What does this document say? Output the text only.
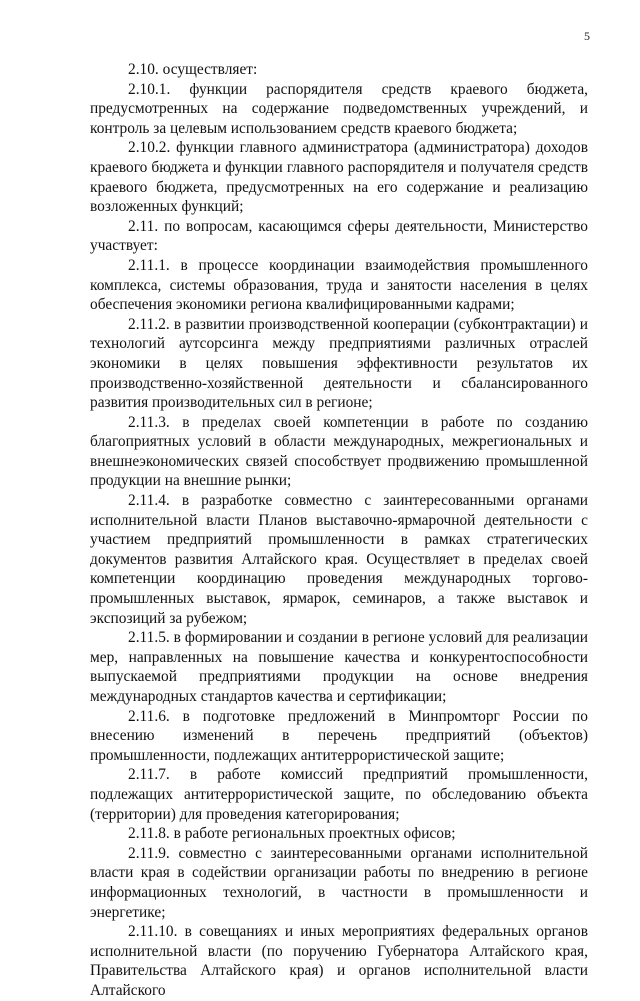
5

2.10. осуществляет:

2.10.1. функции распорядителя средств краевого бюджета, предусмотренных на содержание подведомственных учреждений, и контроль за целевым использованием средств краевого бюджета;

2.10.2. функции главного администратора (администратора) доходов краевого бюджета и функции главного распорядителя и получателя средств краевого бюджета, предусмотренных на его содержание и реализацию возложенных функций;

2.11. по вопросам, касающимся сферы деятельности, Министерство участвует:

2.11.1. в процессе координации взаимодействия промышленного комплекса, системы образования, труда и занятости населения в целях обеспечения экономики региона квалифицированными кадрами;

2.11.2. в развитии производственной кооперации (субконтрактации) и технологий аутсорсинга между предприятиями различных отраслей экономики в целях повышения эффективности результатов их производственно-хозяйственной деятельности и сбалансированного развития производительных сил в регионе;

2.11.3. в пределах своей компетенции в работе по созданию благоприятных условий в области международных, межрегиональных и внешнеэкономических связей способствует продвижению промышленной продукции на внешние рынки;

2.11.4. в разработке совместно с заинтересованными органами исполнительной власти Планов выставочно-ярмарочной деятельности с участием предприятий промышленности в рамках стратегических документов развития Алтайского края. Осуществляет в пределах своей компетенции координацию проведения международных торгово-промышленных выставок, ярмарок, семинаров, а также выставок и экспозиций за рубежом;

2.11.5. в формировании и создании в регионе условий для реализации мер, направленных на повышение качества и конкурентоспособности выпускаемой предприятиями продукции на основе внедрения международных стандартов качества и сертификации;

2.11.6. в подготовке предложений в Минпромторг России по внесению изменений в перечень предприятий (объектов) промышленности, подлежащих антитеррористической защите;

2.11.7. в работе комиссий предприятий промышленности, подлежащих антитеррористической защите, по обследованию объекта (территории) для проведения категорирования;

2.11.8. в работе региональных проектных офисов;

2.11.9. совместно с заинтересованными органами исполнительной власти края в содействии организации работы по внедрению в регионе информационных технологий, в частности в промышленности и энергетике;

2.11.10. в совещаниях и иных мероприятиях федеральных органов исполнительной власти (по поручению Губернатора Алтайского края, Правительства Алтайского края) и органов исполнительной власти Алтайского
